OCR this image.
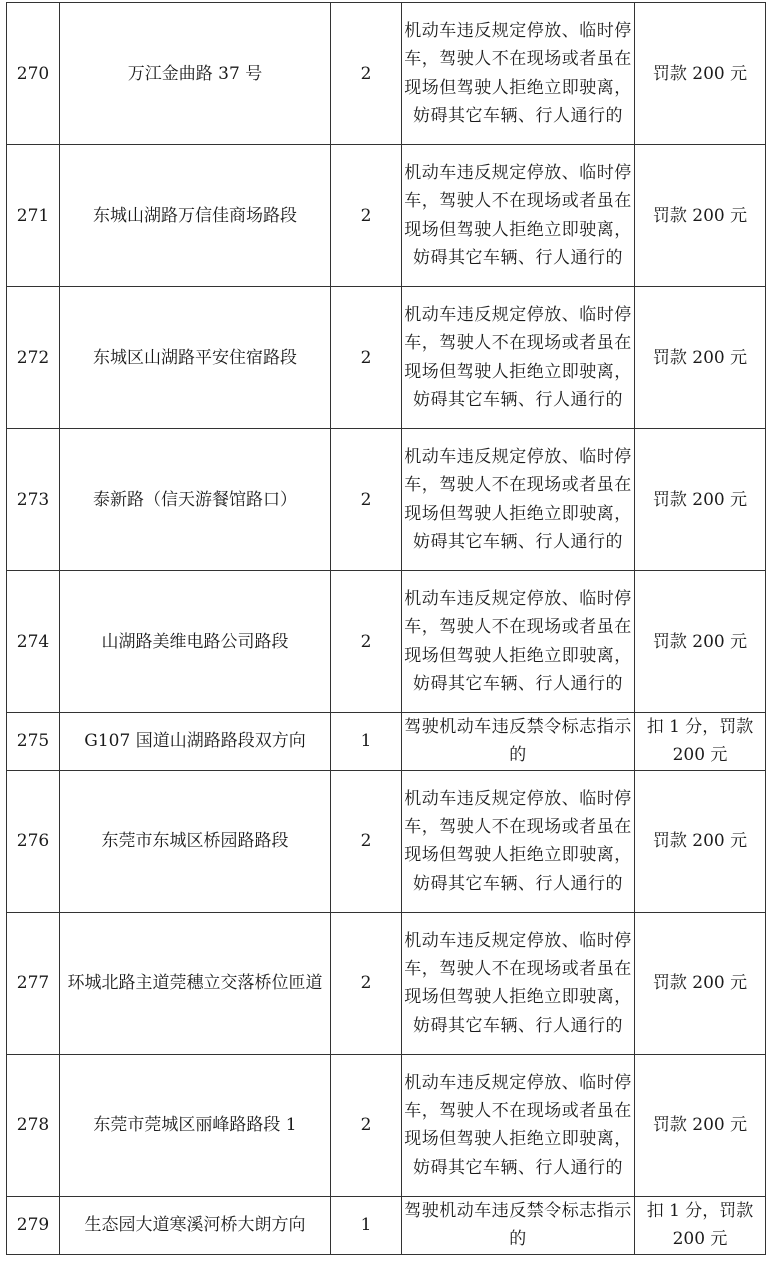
270	万江金曲路 37 号	2	机动车违反规定停放、临时停车，驾驶人不在现场或者虽在现场但驾驶人拒绝立即驶离，妨碍其它车辆、行人通行的	罚款 200 元
271	东城山湖路万信佳商场路段	2	机动车违反规定停放、临时停车，驾驶人不在现场或者虽在现场但驾驶人拒绝立即驶离，妨碍其它车辆、行人通行的	罚款 200 元
272	东城区山湖路平安住宿路段	2	机动车违反规定停放、临时停车，驾驶人不在现场或者虽在现场但驾驶人拒绝立即驶离，妨碍其它车辆、行人通行的	罚款 200 元
273	泰新路（信天游餐馆路口）	2	机动车违反规定停放、临时停车，驾驶人不在现场或者虽在现场但驾驶人拒绝立即驶离，妨碍其它车辆、行人通行的	罚款 200 元
274	山湖路美维电路公司路段	2	机动车违反规定停放、临时停车，驾驶人不在现场或者虽在现场但驾驶人拒绝立即驶离，妨碍其它车辆、行人通行的	罚款 200 元
275	G107 国道山湖路路段双方向	1	驾驶机动车违反禁令标志指示的	扣 1 分，罚款 200 元
276	东莞市东城区桥园路路段	2	机动车违反规定停放、临时停车，驾驶人不在现场或者虽在现场但驾驶人拒绝立即驶离，妨碍其它车辆、行人通行的	罚款 200 元
277	环城北路主道莞穗立交落桥位匝道	2	机动车违反规定停放、临时停车，驾驶人不在现场或者虽在现场但驾驶人拒绝立即驶离，妨碍其它车辆、行人通行的	罚款 200 元
278	东莞市莞城区丽峰路路段 1	2	机动车违反规定停放、临时停车，驾驶人不在现场或者虽在现场但驾驶人拒绝立即驶离，妨碍其它车辆、行人通行的	罚款 200 元
279	生态园大道寒溪河桥大朗方向	1	驾驶机动车违反禁令标志指示的	扣 1 分，罚款 200 元
